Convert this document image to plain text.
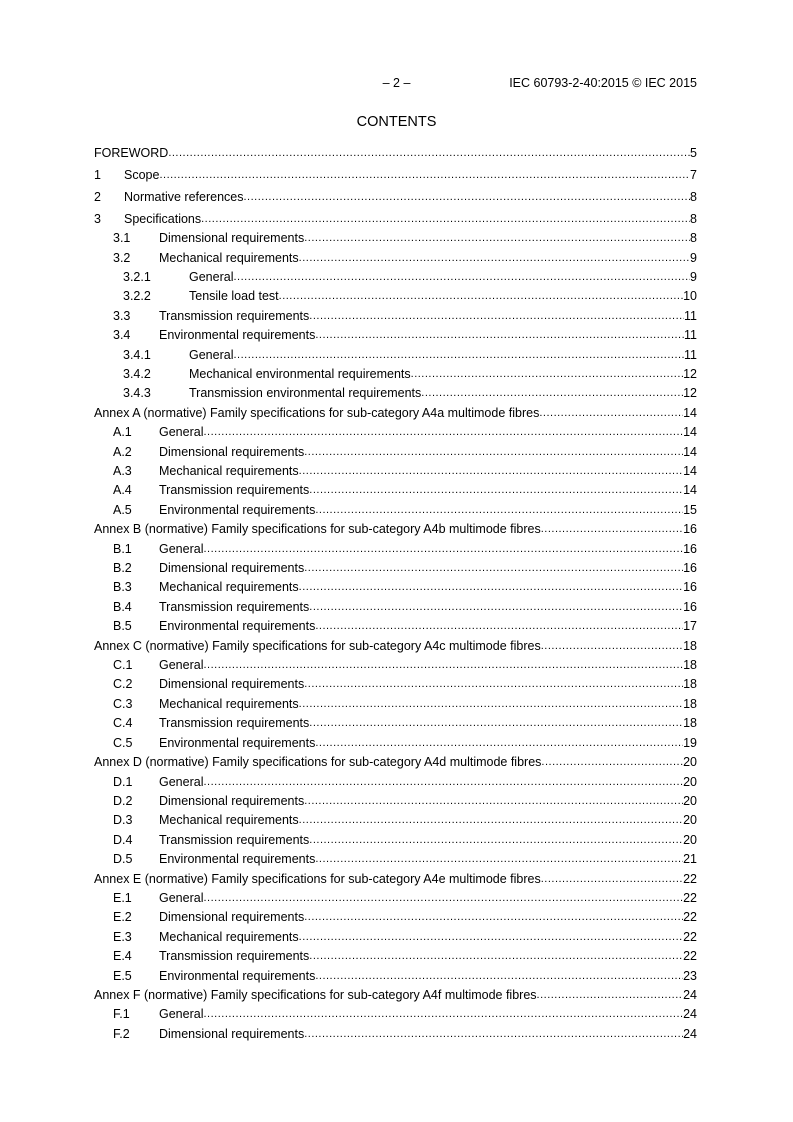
– 2 –	IEC 60793-2-40:2015 © IEC 2015
CONTENTS
FOREWORD .....	5
1	Scope .....	7
2	Normative references .....	8
3	Specifications .....	8
3.1	Dimensional requirements .....	8
3.2	Mechanical requirements .....	9
3.2.1	General .....	9
3.2.2	Tensile load test .....	10
3.3	Transmission requirements .....	11
3.4	Environmental requirements .....	11
3.4.1	General .....	11
3.4.2	Mechanical environmental requirements .....	12
3.4.3	Transmission environmental requirements .....	12
Annex A (normative) Family specifications for sub-category A4a multimode fibres .....	14
A.1	General .....	14
A.2	Dimensional requirements .....	14
A.3	Mechanical requirements .....	14
A.4	Transmission requirements .....	14
A.5	Environmental requirements .....	15
Annex B (normative) Family specifications for sub-category A4b multimode fibres .....	16
B.1	General .....	16
B.2	Dimensional requirements .....	16
B.3	Mechanical requirements .....	16
B.4	Transmission requirements .....	16
B.5	Environmental requirements .....	17
Annex C (normative) Family specifications for sub-category A4c multimode fibres .....	18
C.1	General .....	18
C.2	Dimensional requirements .....	18
C.3	Mechanical requirements .....	18
C.4	Transmission requirements .....	18
C.5	Environmental requirements .....	19
Annex D (normative) Family specifications for sub-category A4d multimode fibres .....	20
D.1	General .....	20
D.2	Dimensional requirements .....	20
D.3	Mechanical requirements .....	20
D.4	Transmission requirements .....	20
D.5	Environmental requirements .....	21
Annex E (normative) Family specifications for sub-category A4e multimode fibres .....	22
E.1	General .....	22
E.2	Dimensional requirements .....	22
E.3	Mechanical requirements .....	22
E.4	Transmission requirements .....	22
E.5	Environmental requirements .....	23
Annex F (normative) Family specifications for sub-category A4f multimode fibres .....	24
F.1	General .....	24
F.2	Dimensional requirements .....	24
